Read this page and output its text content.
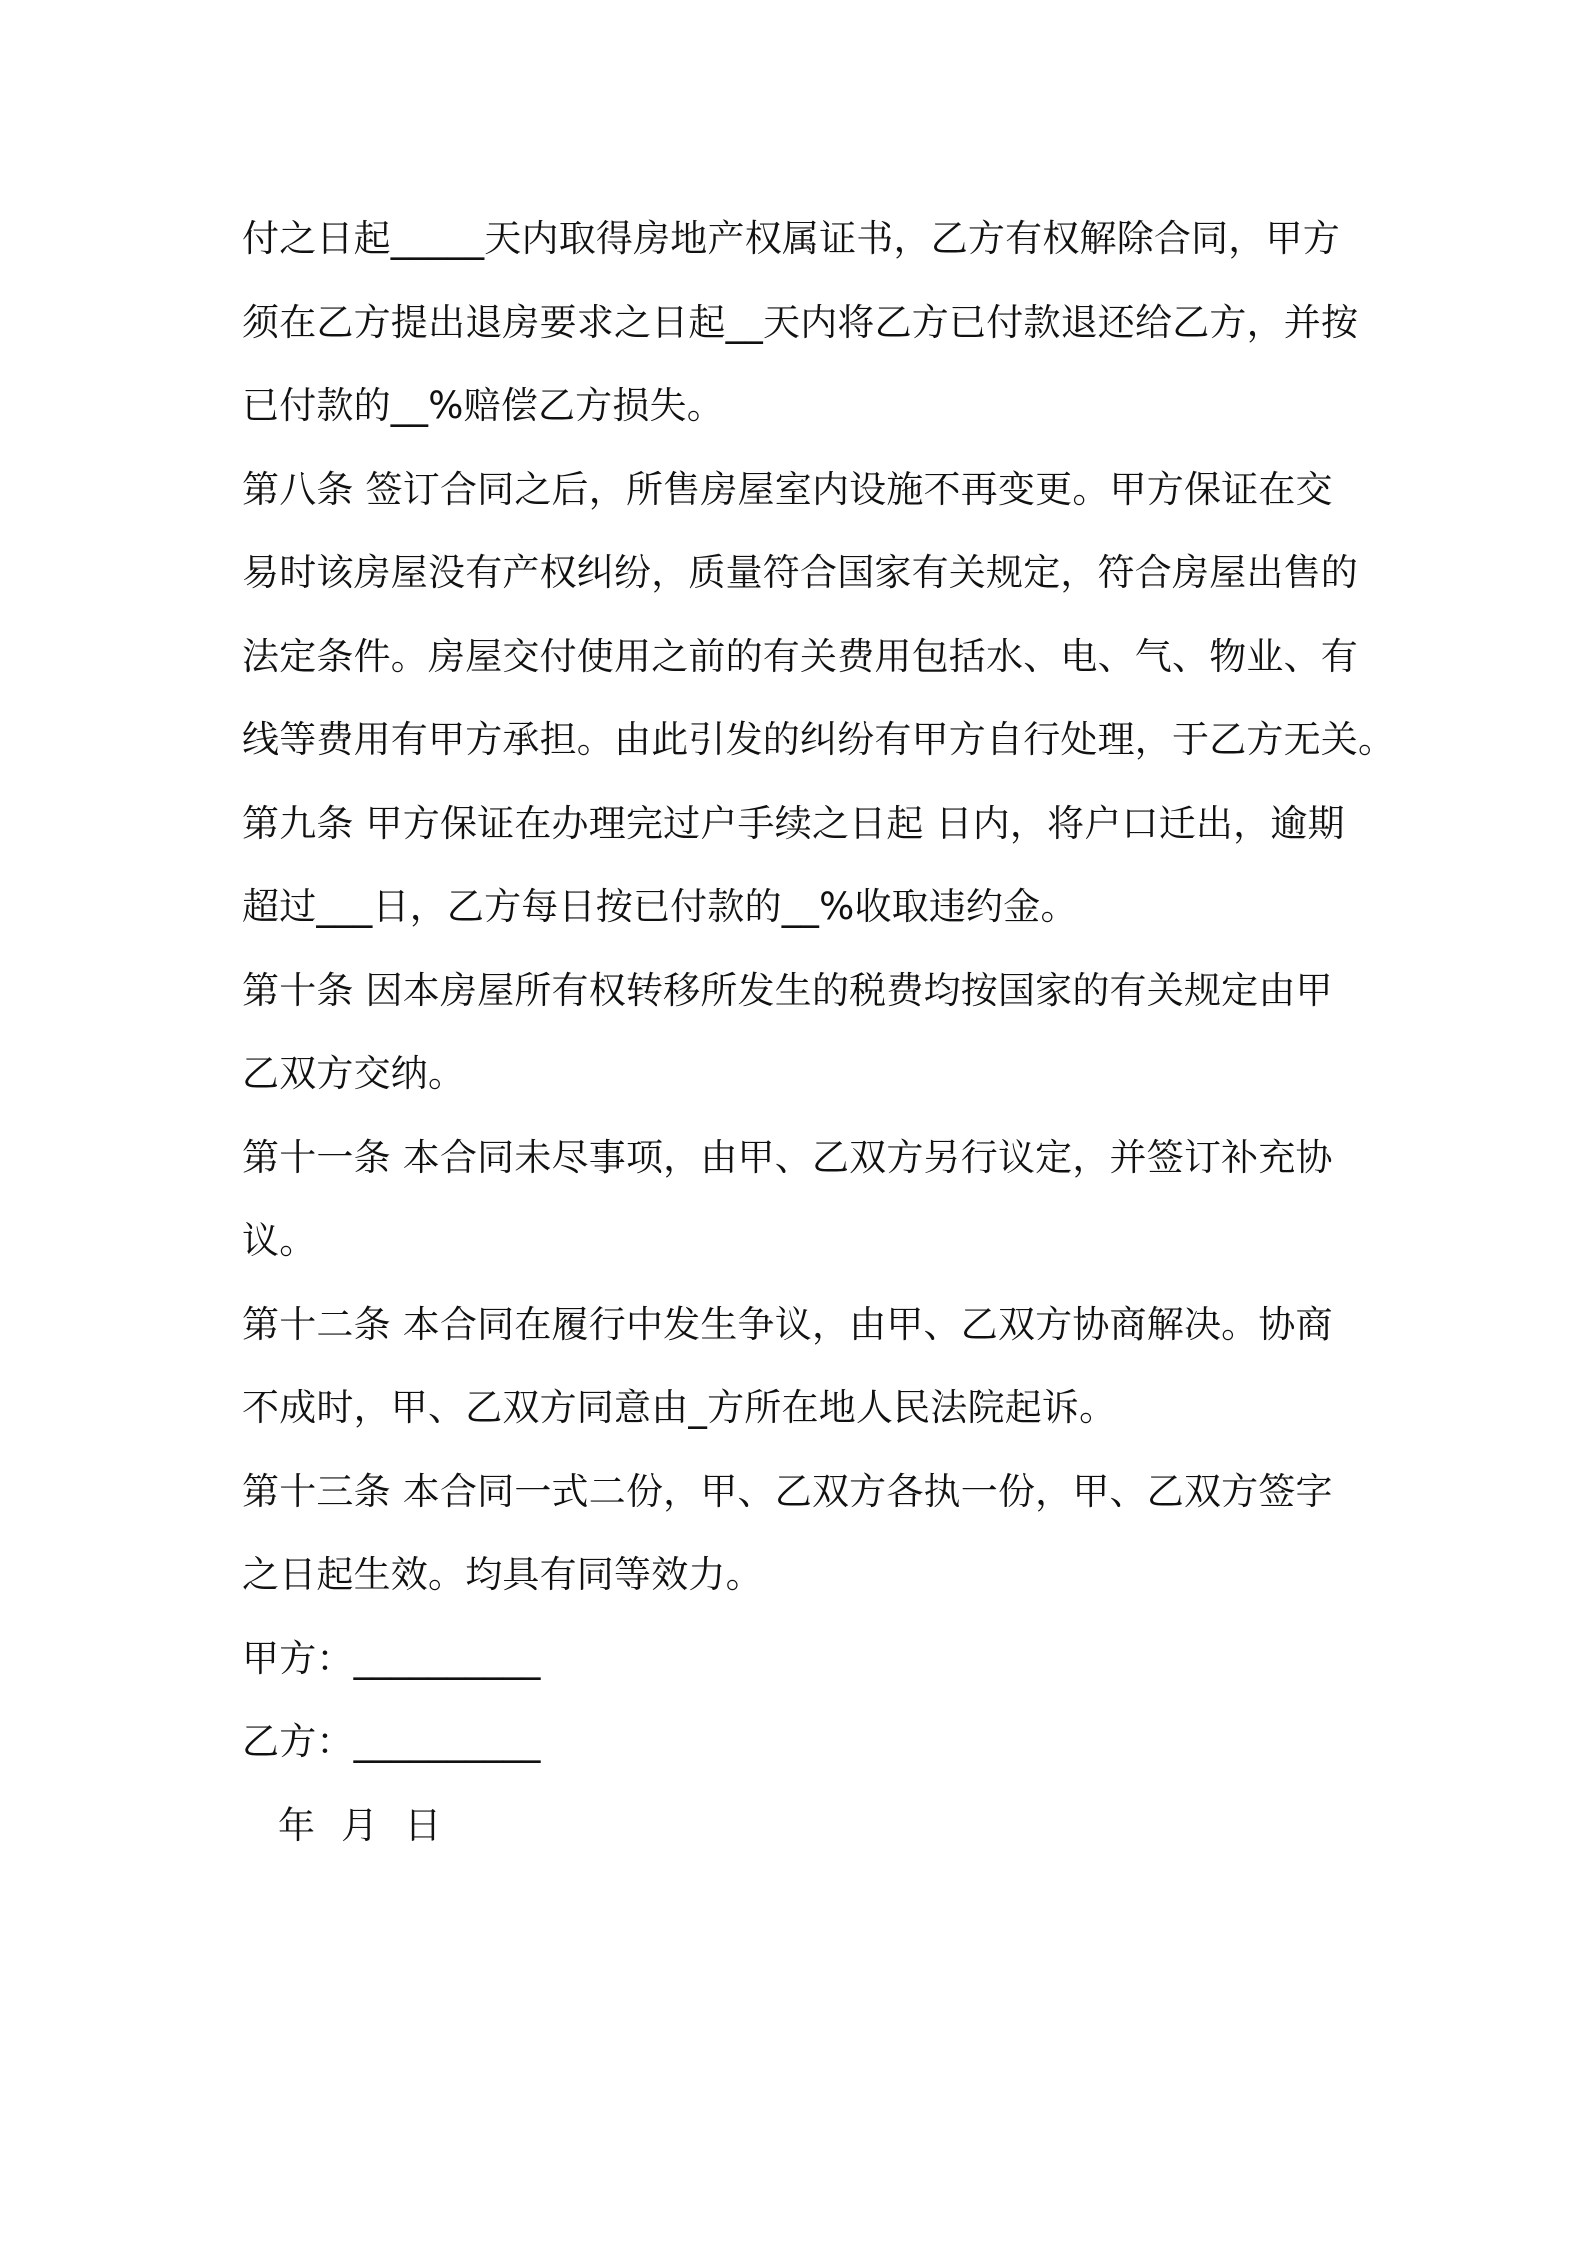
付之日起_____天内取得房地产权属证书，乙方有权解除合同，甲方
须在乙方提出退房要求之日起__天内将乙方已付款退还给乙方，并按
已付款的__%赔偿乙方损失。
第八条 签订合同之后，所售房屋室内设施不再变更。甲方保证在交
易时该房屋没有产权纠纷，质量符合国家有关规定，符合房屋出售的
法定条件。房屋交付使用之前的有关费用包括水、电、气、物业、有
线等费用有甲方承担。由此引发的纠纷有甲方自行处理，于乙方无关。
第九条 甲方保证在办理完过户手续之日起 日内，将户口迁出，逾期
超过___日，乙方每日按已付款的__%收取违约金。
第十条 因本房屋所有权转移所发生的税费均按国家的有关规定由甲
乙双方交纳。
第十一条 本合同未尽事项，由甲、乙双方另行议定，并签订补充协
议。
第十二条 本合同在履行中发生争议，由甲、乙双方协商解决。协商
不成时，甲、乙双方同意由_方所在地人民法院起诉。
第十三条 本合同一式二份，甲、乙双方各执一份，甲、乙双方签字
之日起生效。均具有同等效力。
甲方：__________
乙方：__________
年 月 日
